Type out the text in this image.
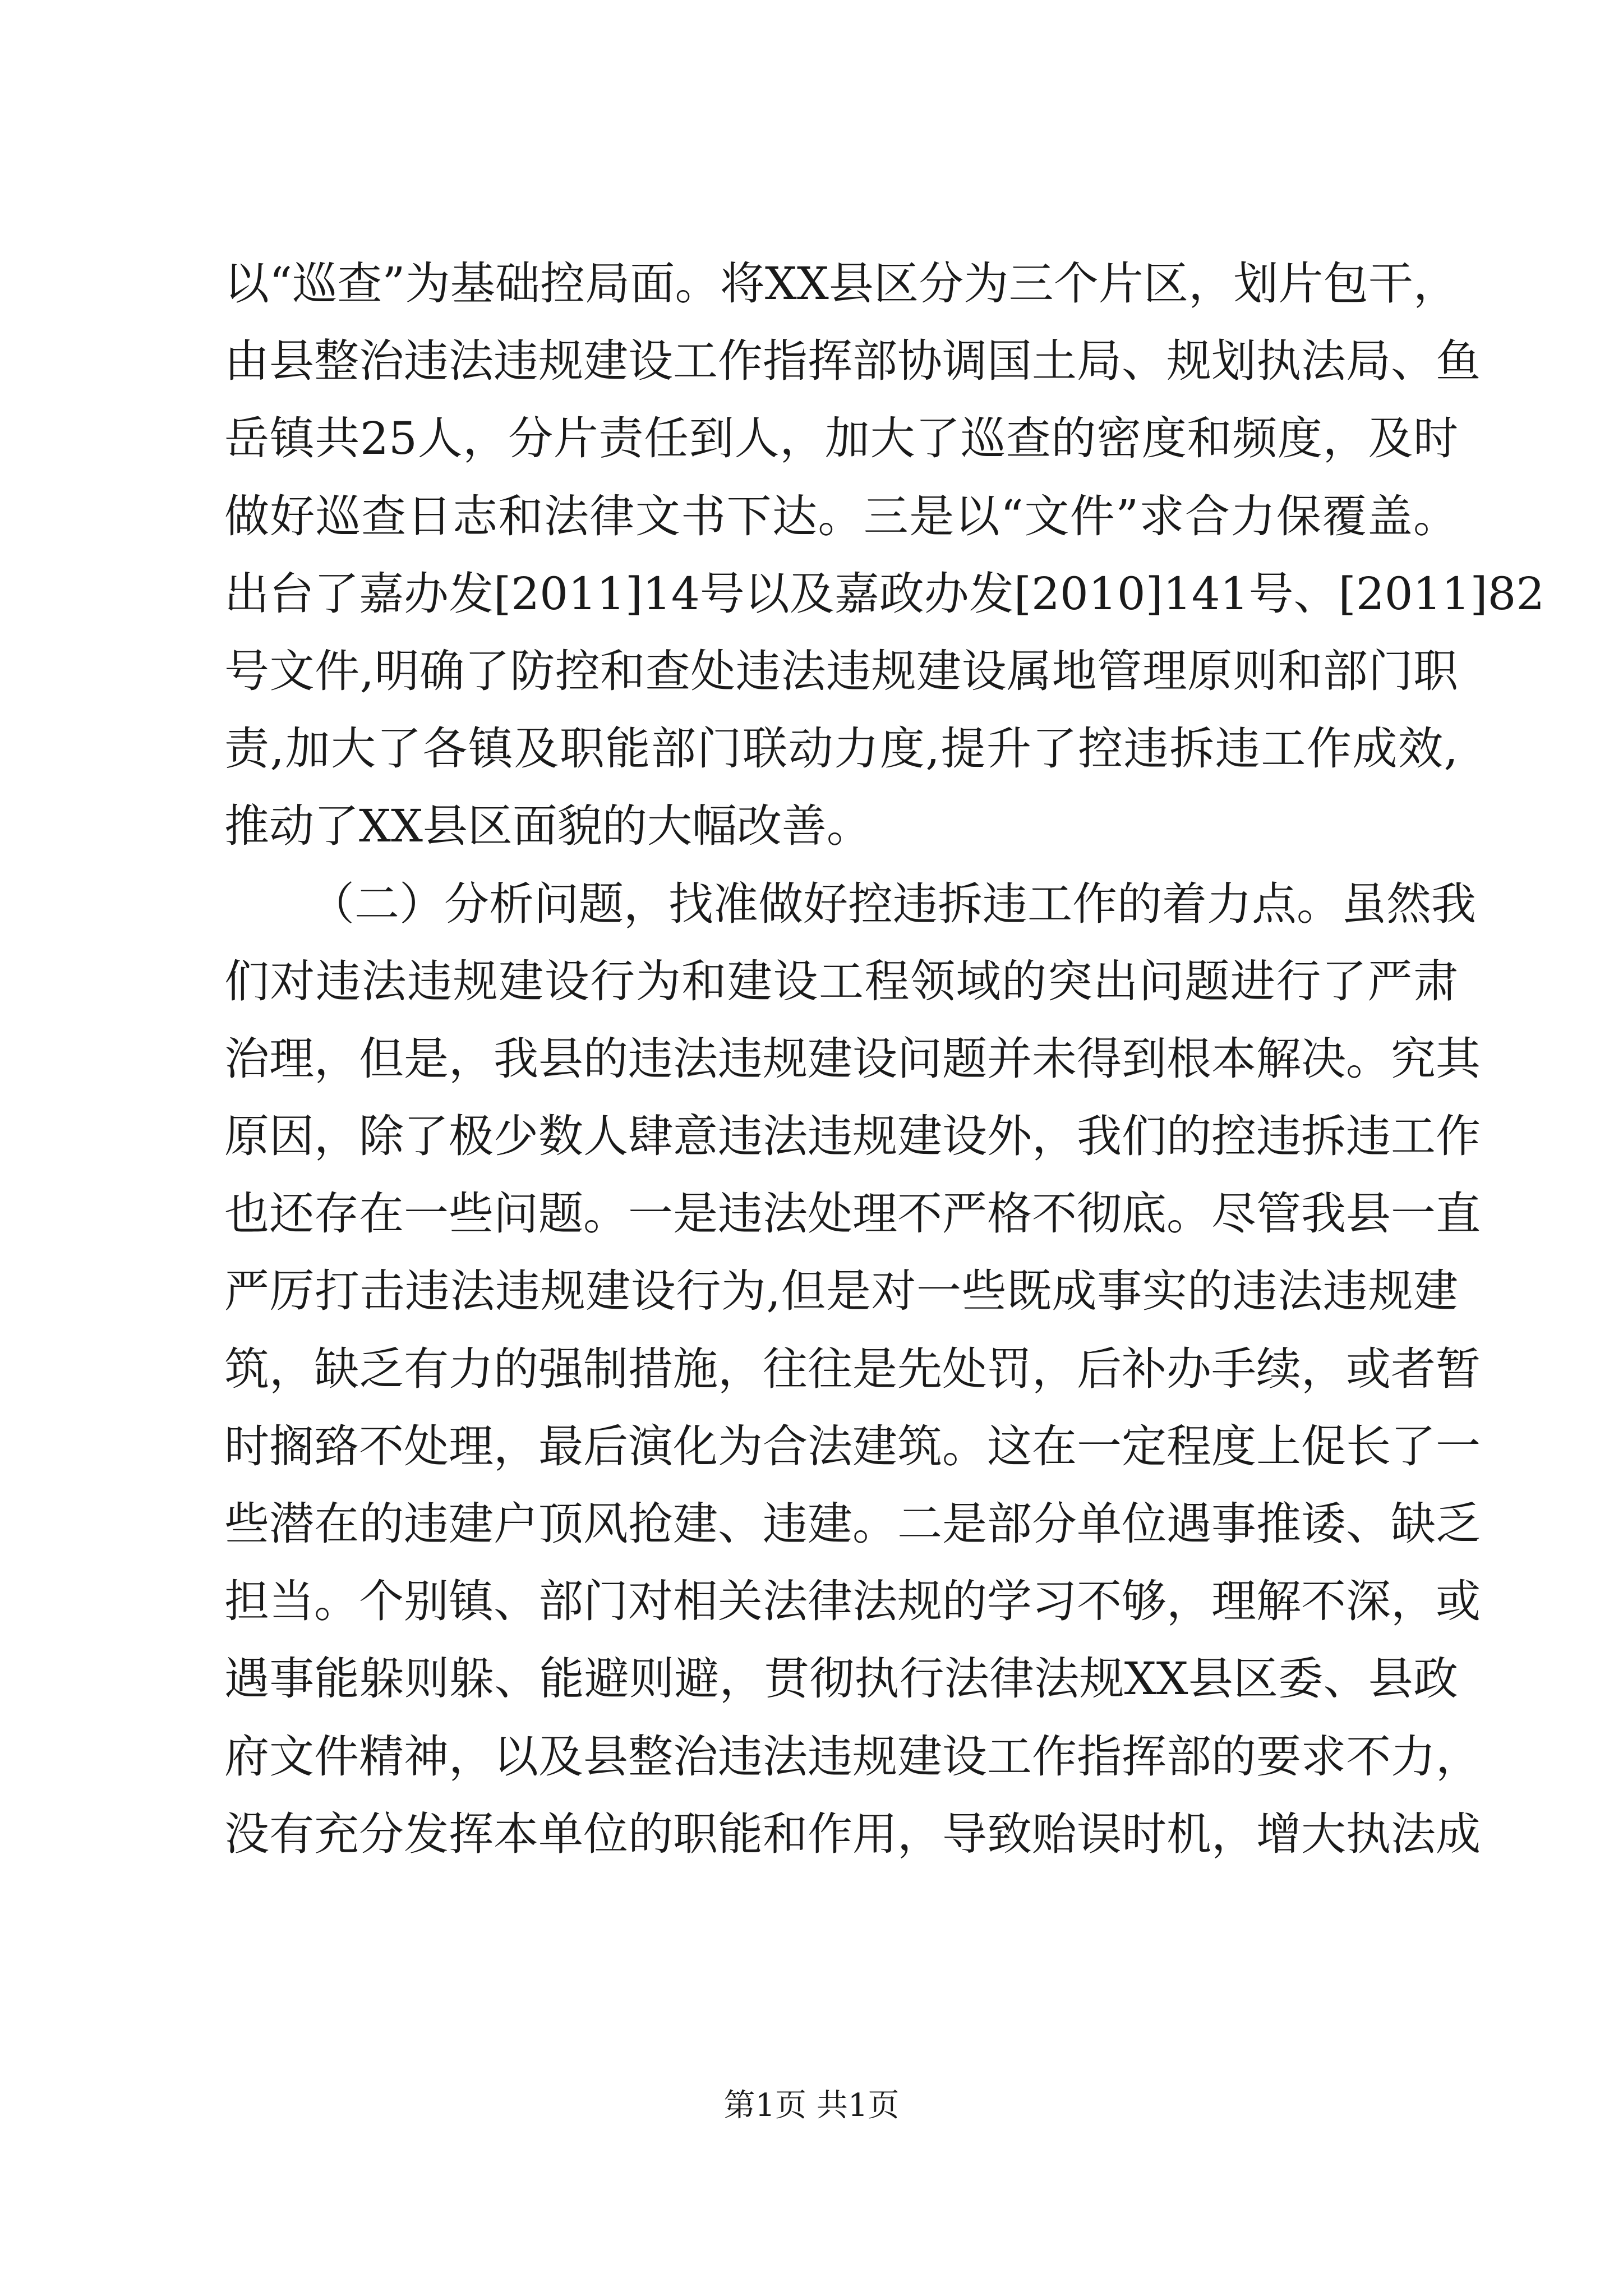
以“巡查”为基础控局面。将XX县区分为三个片区，划片包干，
由县整治违法违规建设工作指挥部协调国土局、规划执法局、鱼
岳镇共25人，分片责任到人，加大了巡查的密度和频度，及时
做好巡查日志和法律文书下达。三是以“文件”求合力保覆盖。
出台了嘉办发[2011]14号以及嘉政办发[2010]141号、[2011]82
号文件,明确了防控和查处违法违规建设属地管理原则和部门职
责,加大了各镇及职能部门联动力度,提升了控违拆违工作成效,
推动了XX县区面貌的大幅改善。
（二）分析问题，找准做好控违拆违工作的着力点。虽然我
们对违法违规建设行为和建设工程领域的突出问题进行了严肃
治理，但是，我县的违法违规建设问题并未得到根本解决。究其
原因，除了极少数人肆意违法违规建设外，我们的控违拆违工作
也还存在一些问题。一是违法处理不严格不彻底。尽管我县一直
严厉打击违法违规建设行为,但是对一些既成事实的违法违规建
筑，缺乏有力的强制措施，往往是先处罚，后补办手续，或者暂
时搁臵不处理，最后演化为合法建筑。这在一定程度上促长了一
些潜在的违建户顶风抢建、违建。二是部分单位遇事推诿、缺乏
担当。个别镇、部门对相关法律法规的学习不够，理解不深，或
遇事能躲则躲、能避则避，贯彻执行法律法规XX县区委、县政
府文件精神，以及县整治违法违规建设工作指挥部的要求不力，
没有充分发挥本单位的职能和作用，导致贻误时机，增大执法成
第1页 共1页
